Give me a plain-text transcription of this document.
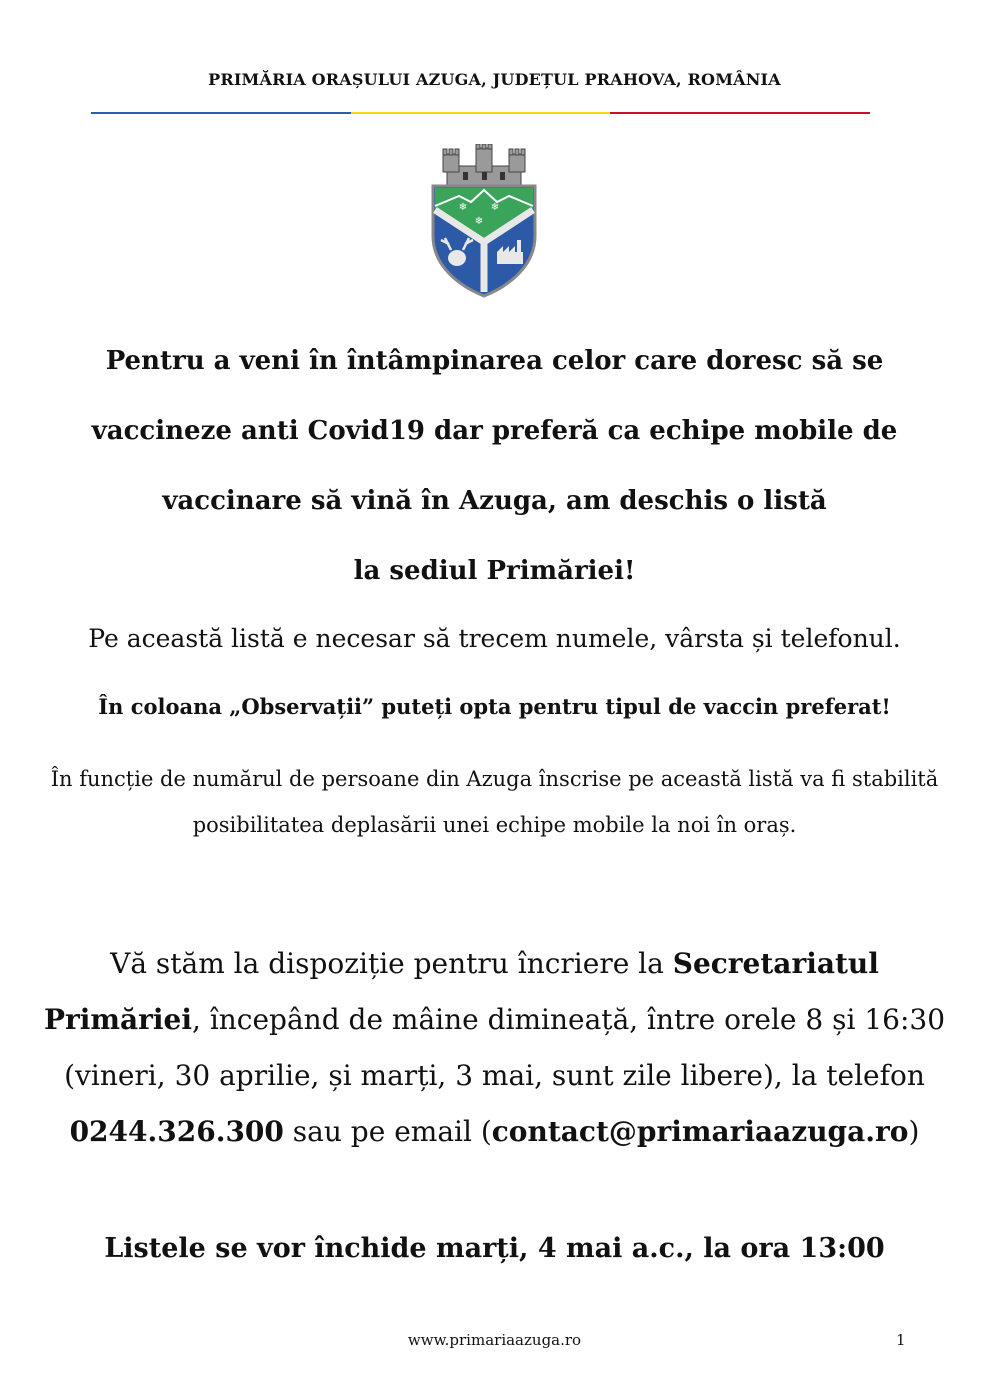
PRIMĂRIA ORAȘULUI AZUGA, JUDEȚUL PRAHOVA, ROMÂNIA
❄ ❄
❄

Pentru a veni în întâmpinarea celor care doresc să se

vaccineze anti Covid19 dar preferă ca echipe mobile de

vaccinare să vină în Azuga, am deschis o listă

la sediul Primăriei!

Pe această listă e necesar să trecem numele, vârsta și telefonul.

În coloana „Observații” puteți opta pentru tipul de vaccin preferat!

În funcție de numărul de persoane din Azuga înscrise pe această listă va fi stabilită posibilitatea deplasării unei echipe mobile la noi în oraș.

Vă stăm la dispoziție pentru încriere la Secretariatul Primăriei, începând de mâine dimineață, între orele 8 și 16:30 (vineri, 30 aprilie, și marți, 3 mai, sunt zile libere), la telefon 0244.326.300 sau pe email (contact@primariaazuga.ro)

Listele se vor închide marți, 4 mai a.c., la ora 13:00

www.primariaazuga.ro	1
